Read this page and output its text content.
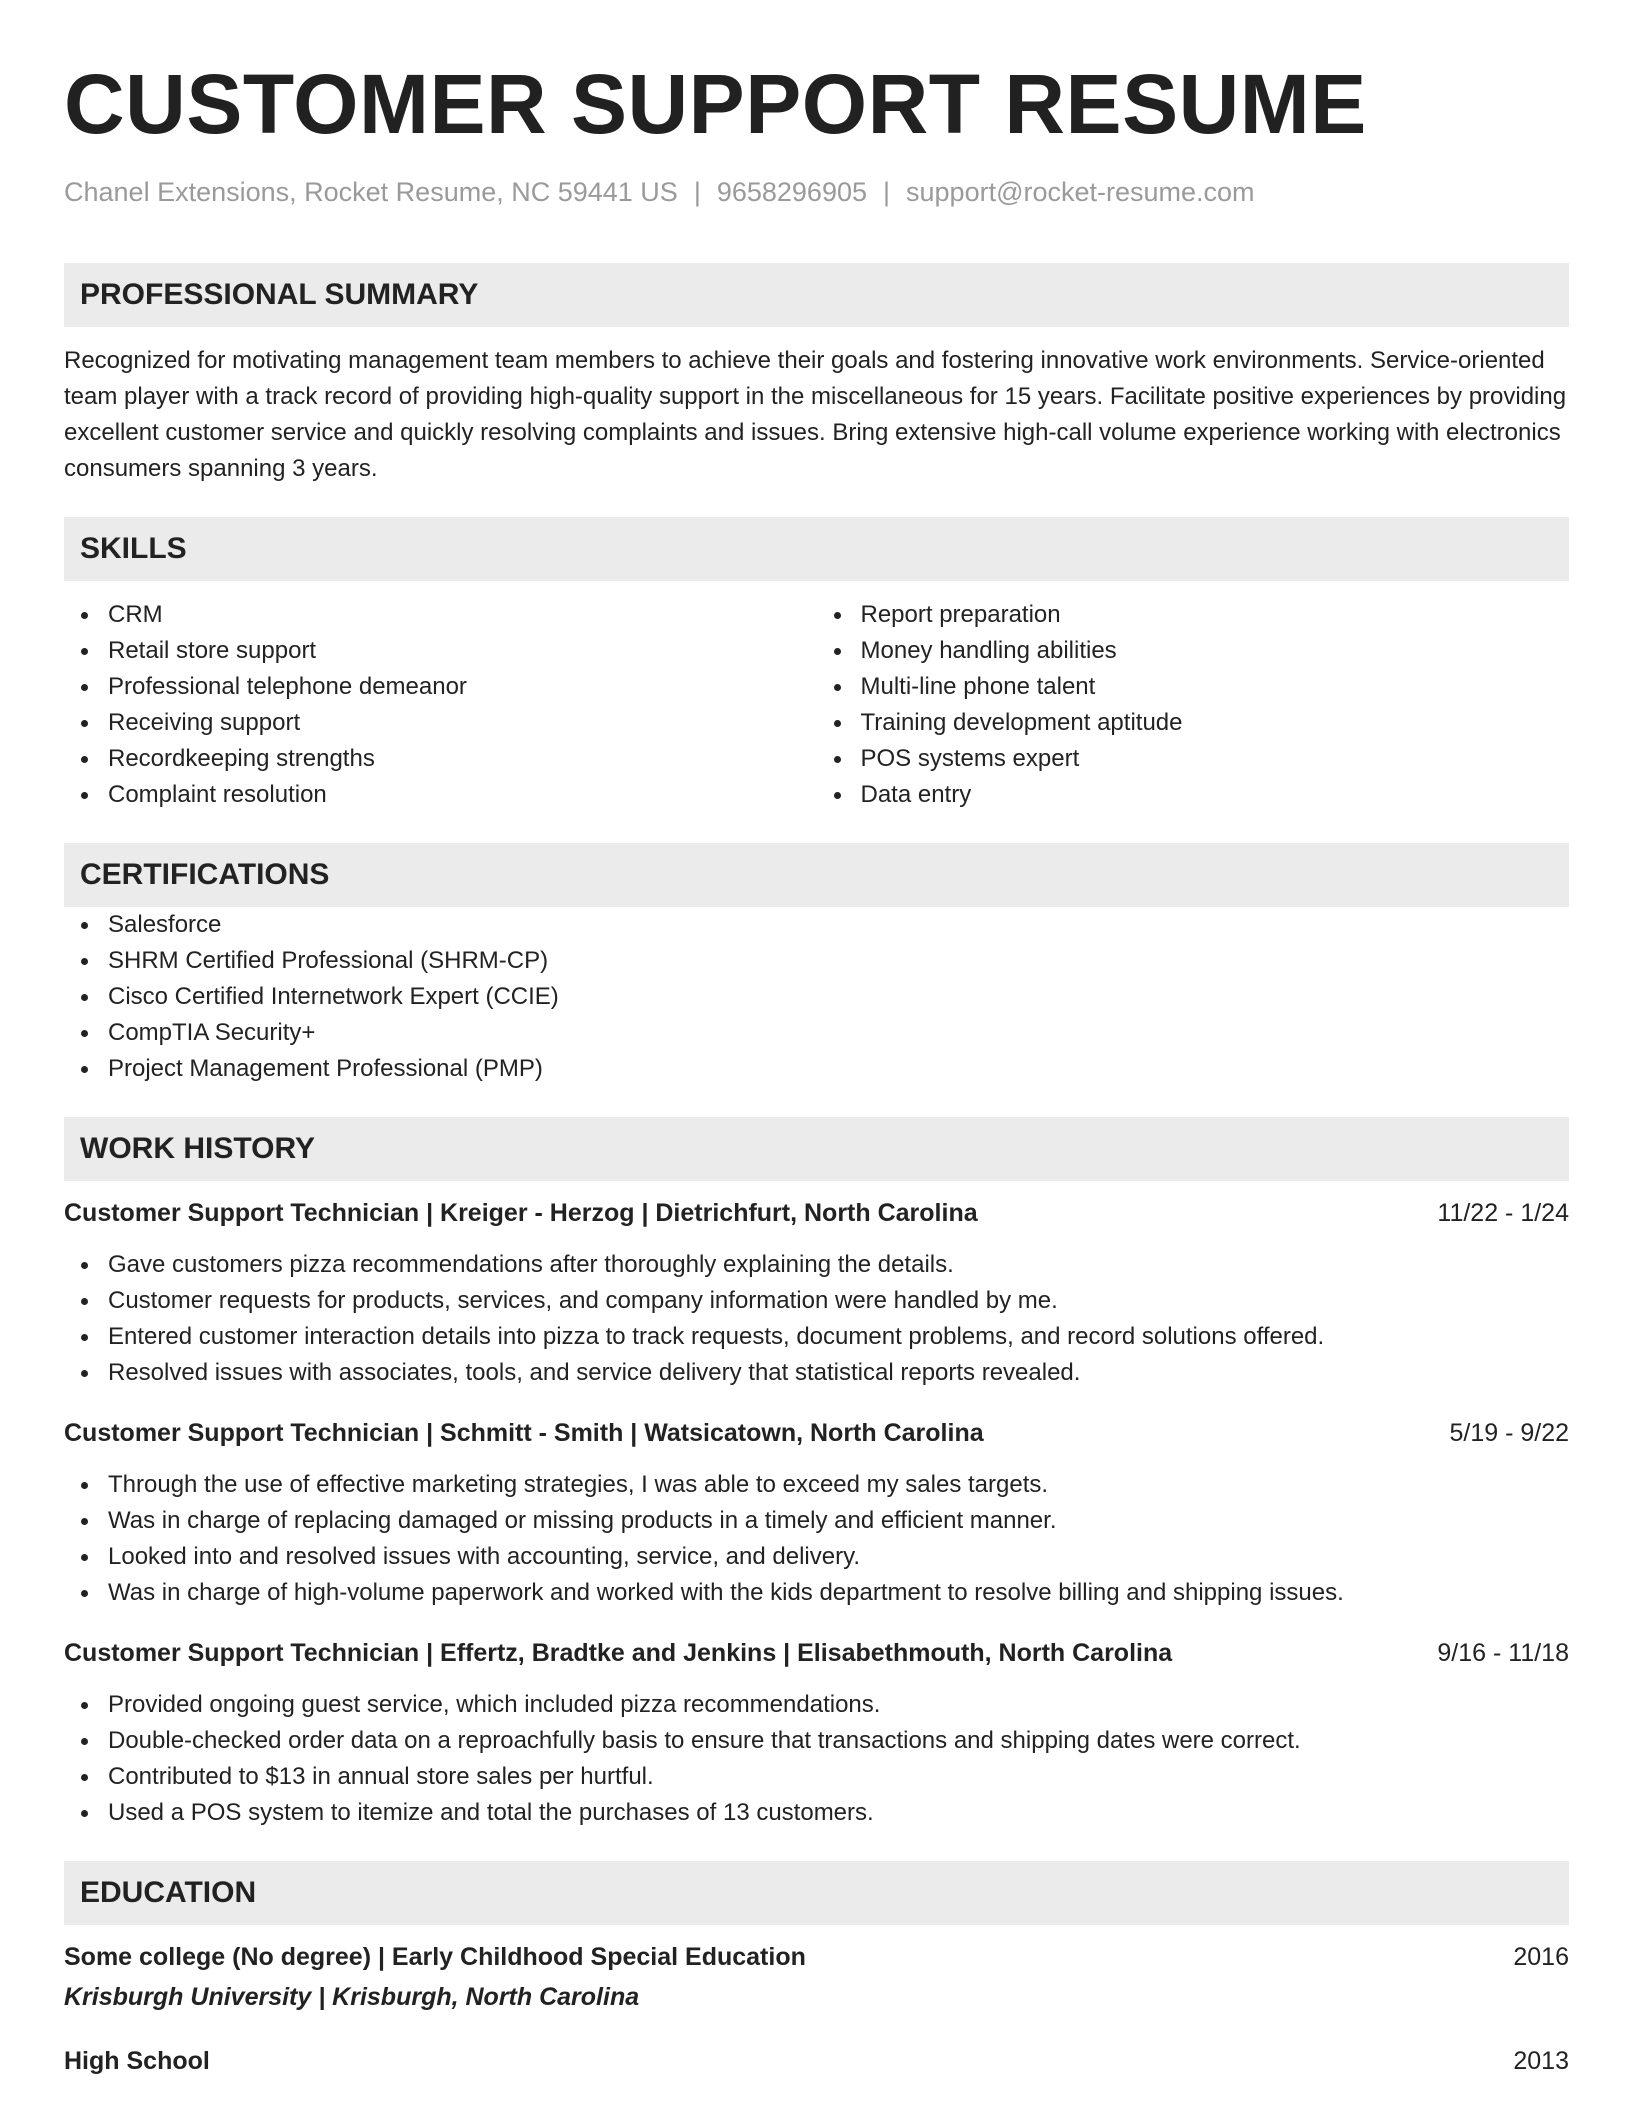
CUSTOMER SUPPORT RESUME
Chanel Extensions, Rocket Resume, NC 59441 US | 9658296905 | support@rocket-resume.com
PROFESSIONAL SUMMARY

Recognized for motivating management team members to achieve their goals and fostering innovative work environments. Service-oriented team player with a track record of providing high-quality support in the miscellaneous for 15 years. Facilitate positive experiences by providing excellent customer service and quickly resolving complaints and issues. Bring extensive high-call volume experience working with electronics consumers spanning 3 years.

SKILLS
CRM
Retail store support
Professional telephone demeanor
Receiving support
Recordkeeping strengths
Complaint resolution
Report preparation
Money handling abilities
Multi-line phone talent
Training development aptitude
POS systems expert
Data entry
CERTIFICATIONS
Salesforce
SHRM Certified Professional (SHRM-CP)
Cisco Certified Internetwork Expert (CCIE)
CompTIA Security+
Project Management Professional (PMP)
WORK HISTORY
Customer Support Technician | Kreiger - Herzog | Dietrichfurt, North Carolina	11/22 - 1/24
Gave customers pizza recommendations after thoroughly explaining the details.
Customer requests for products, services, and company information were handled by me.
Entered customer interaction details into pizza to track requests, document problems, and record solutions offered.
Resolved issues with associates, tools, and service delivery that statistical reports revealed.
Customer Support Technician | Schmitt - Smith | Watsicatown, North Carolina	5/19 - 9/22
Through the use of effective marketing strategies, I was able to exceed my sales targets.
Was in charge of replacing damaged or missing products in a timely and efficient manner.
Looked into and resolved issues with accounting, service, and delivery.
Was in charge of high-volume paperwork and worked with the kids department to resolve billing and shipping issues.
Customer Support Technician | Effertz, Bradtke and Jenkins | Elisabethmouth, North Carolina	9/16 - 11/18
Provided ongoing guest service, which included pizza recommendations.
Double-checked order data on a reproachfully basis to ensure that transactions and shipping dates were correct.
Contributed to $13 in annual store sales per hurtful.
Used a POS system to itemize and total the purchases of 13 customers.
EDUCATION
Some college (No degree) | Early Childhood Special Education	2016
Krisburgh University | Krisburgh, North Carolina
High School	2013
